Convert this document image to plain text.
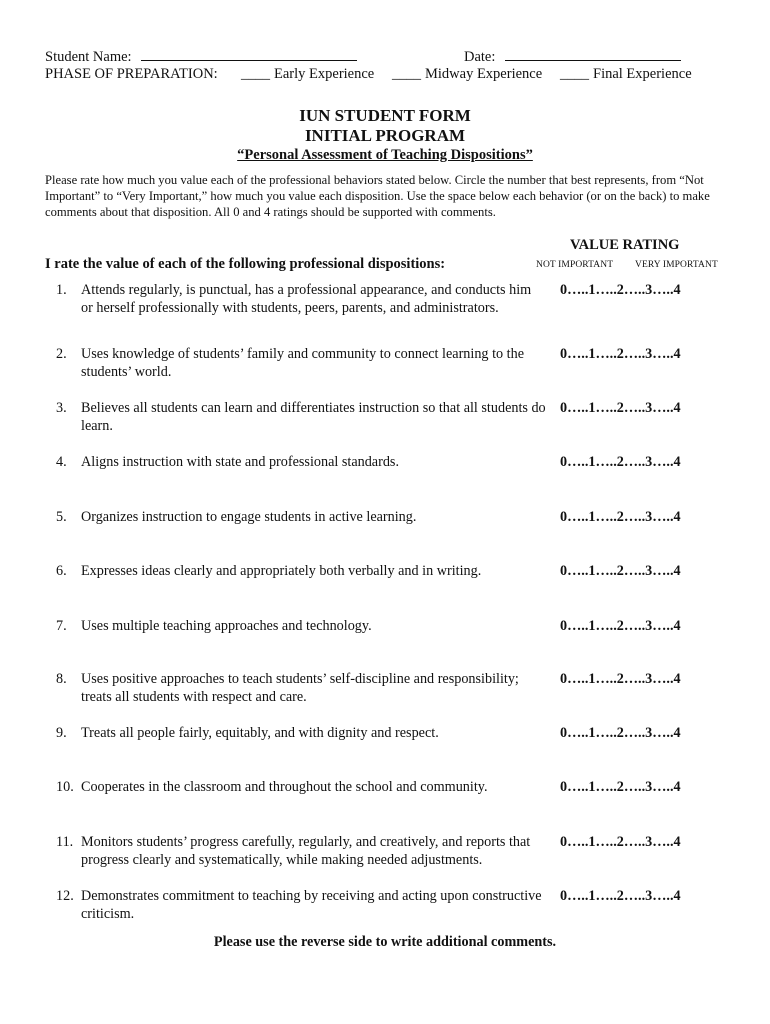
Student Name:	Date:
PHASE OF PREPARATION: ____ Early Experience ____ Midway Experience ____ Final Experience
IUN STUDENT FORM
INITIAL PROGRAM
“Personal Assessment of Teaching Dispositions”
Please rate how much you value each of the professional behaviors stated below. Circle the number that best represents, from “Not Important” to “Very Important,” how much you value each disposition. Use the space below each behavior (or on the back) to make comments about that disposition. All 0 and 4 ratings should be supported with comments.
VALUE RATING
I rate the value of each of the following professional dispositions:	NOT IMPORTANT VERY IMPORTANT
1. Attends regularly, is punctual, has a professional appearance, and conducts him or herself professionally with students, peers, parents, and administrators.
0…..1…..2…..3…..4
2. Uses knowledge of students’ family and community to connect learning to the students’ world.
0…..1…..2…..3…..4
3. Believes all students can learn and differentiates instruction so that all students do learn.
0…..1…..2…..3…..4
4. Aligns instruction with state and professional standards.	0…..1…..2…..3…..4
5. Organizes instruction to engage students in active learning.	0…..1…..2…..3…..4
6. Expresses ideas clearly and appropriately both verbally and in writing.	0…..1…..2…..3…..4
7. Uses multiple teaching approaches and technology.	0…..1…..2…..3…..4
8. Uses positive approaches to teach students’ self-discipline and responsibility; treats all students with respect and care.
0…..1…..2…..3…..4
9. Treats all people fairly, equitably, and with dignity and respect.	0…..1…..2…..3…..4
10. Cooperates in the classroom and throughout the school and community.	0…..1…..2…..3…..4
11. Monitors students’ progress carefully, regularly, and creatively, and reports that progress clearly and systematically, while making needed adjustments.
0…..1…..2…..3…..4
12. Demonstrates commitment to teaching by receiving and acting upon constructive criticism.
0…..1…..2…..3…..4
Please use the reverse side to write additional comments.
